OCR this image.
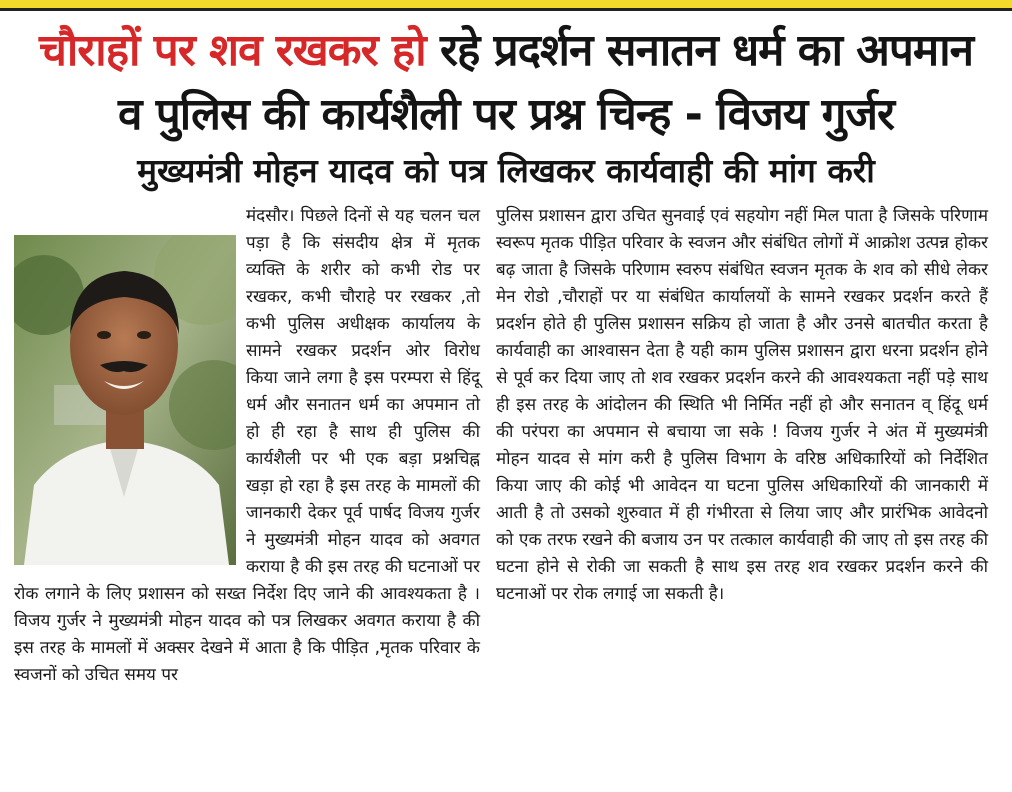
चौराहों पर शव रखकर हो रहे प्रदर्शन सनातन धर्म का अपमान
व पुलिस की कार्यशैली पर प्रश्न चिन्ह - विजय गुर्जर
मुख्यमंत्री मोहन यादव को पत्र लिखकर कार्यवाही की मांग करी

मंदसौर। पिछले दिनों से यह चलन चल पड़ा है कि संसदीय क्षेत्र में मृतक व्यक्ति के शरीर को कभी रोड पर रखकर, कभी चौराहे पर रखकर ,तो कभी पुलिस अधीक्षक कार्यालय के सामने रखकर प्रदर्शन ओर विरोध किया जाने लगा है इस परम्परा से हिंदू धर्म और सनातन धर्म का अपमान तो हो ही रहा है साथ ही पुलिस की कार्यशैली पर भी एक बड़ा प्रश्नचिह्न खड़ा हो रहा है इस तरह के मामलों की जानकारी देकर पूर्व पार्षद विजय गुर्जर ने मुख्यमंत्री मोहन यादव को अवगत कराया है की इस तरह की घटनाओं पर रोक लगाने के लिए प्रशासन को सख्त निर्देश दिए जाने की आवश्यकता है । विजय गुर्जर ने मुख्यमंत्री मोहन यादव को पत्र लिखकर अवगत कराया है की इस तरह के मामलों में अक्सर देखने में आता है कि पीड़ित ,मृतक परिवार के स्वजनों को उचित समय पर

पुलिस प्रशासन द्वारा उचित सुनवाई एवं सहयोग नहीं मिल पाता है जिसके परिणाम स्वरूप मृतक पीड़ित परिवार के स्वजन और संबंधित लोगों में आक्रोश उत्पन्न होकर बढ़ जाता है जिसके परिणाम स्वरुप संबंधित स्वजन मृतक के शव को सीधे लेकर मेन रोडो ,चौराहों पर या संबंधित कार्यालयों के सामने रखकर प्रदर्शन करते हैं प्रदर्शन होते ही पुलिस प्रशासन सक्रिय हो जाता है और उनसे बातचीत करता है कार्यवाही का आश्वासन देता है यही काम पुलिस प्रशासन द्वारा धरना प्रदर्शन होने से पूर्व कर दिया जाए तो शव रखकर प्रदर्शन करने की आवश्यकता नहीं पड़े साथ ही इस तरह के आंदोलन की स्थिति भी निर्मित नहीं हो और सनातन व् हिंदू धर्म की परंपरा का अपमान से बचाया जा सके ! विजय गुर्जर ने अंत में मुख्यमंत्री मोहन यादव से मांग करी है पुलिस विभाग के वरिष्ठ अधिकारियों को निर्देशित किया जाए की कोई भी आवेदन या घटना पुलिस अधिकारियों की जानकारी में आती है तो उसको शुरुवात में ही गंभीरता से लिया जाए और प्रारंभिक आवेदनो को एक तरफ रखने की बजाय उन पर तत्काल कार्यवाही की जाए तो इस तरह की घटना होने से रोकी जा सकती है साथ इस तरह शव रखकर प्रदर्शन करने की घटनाओं पर रोक लगाई जा सकती है।
